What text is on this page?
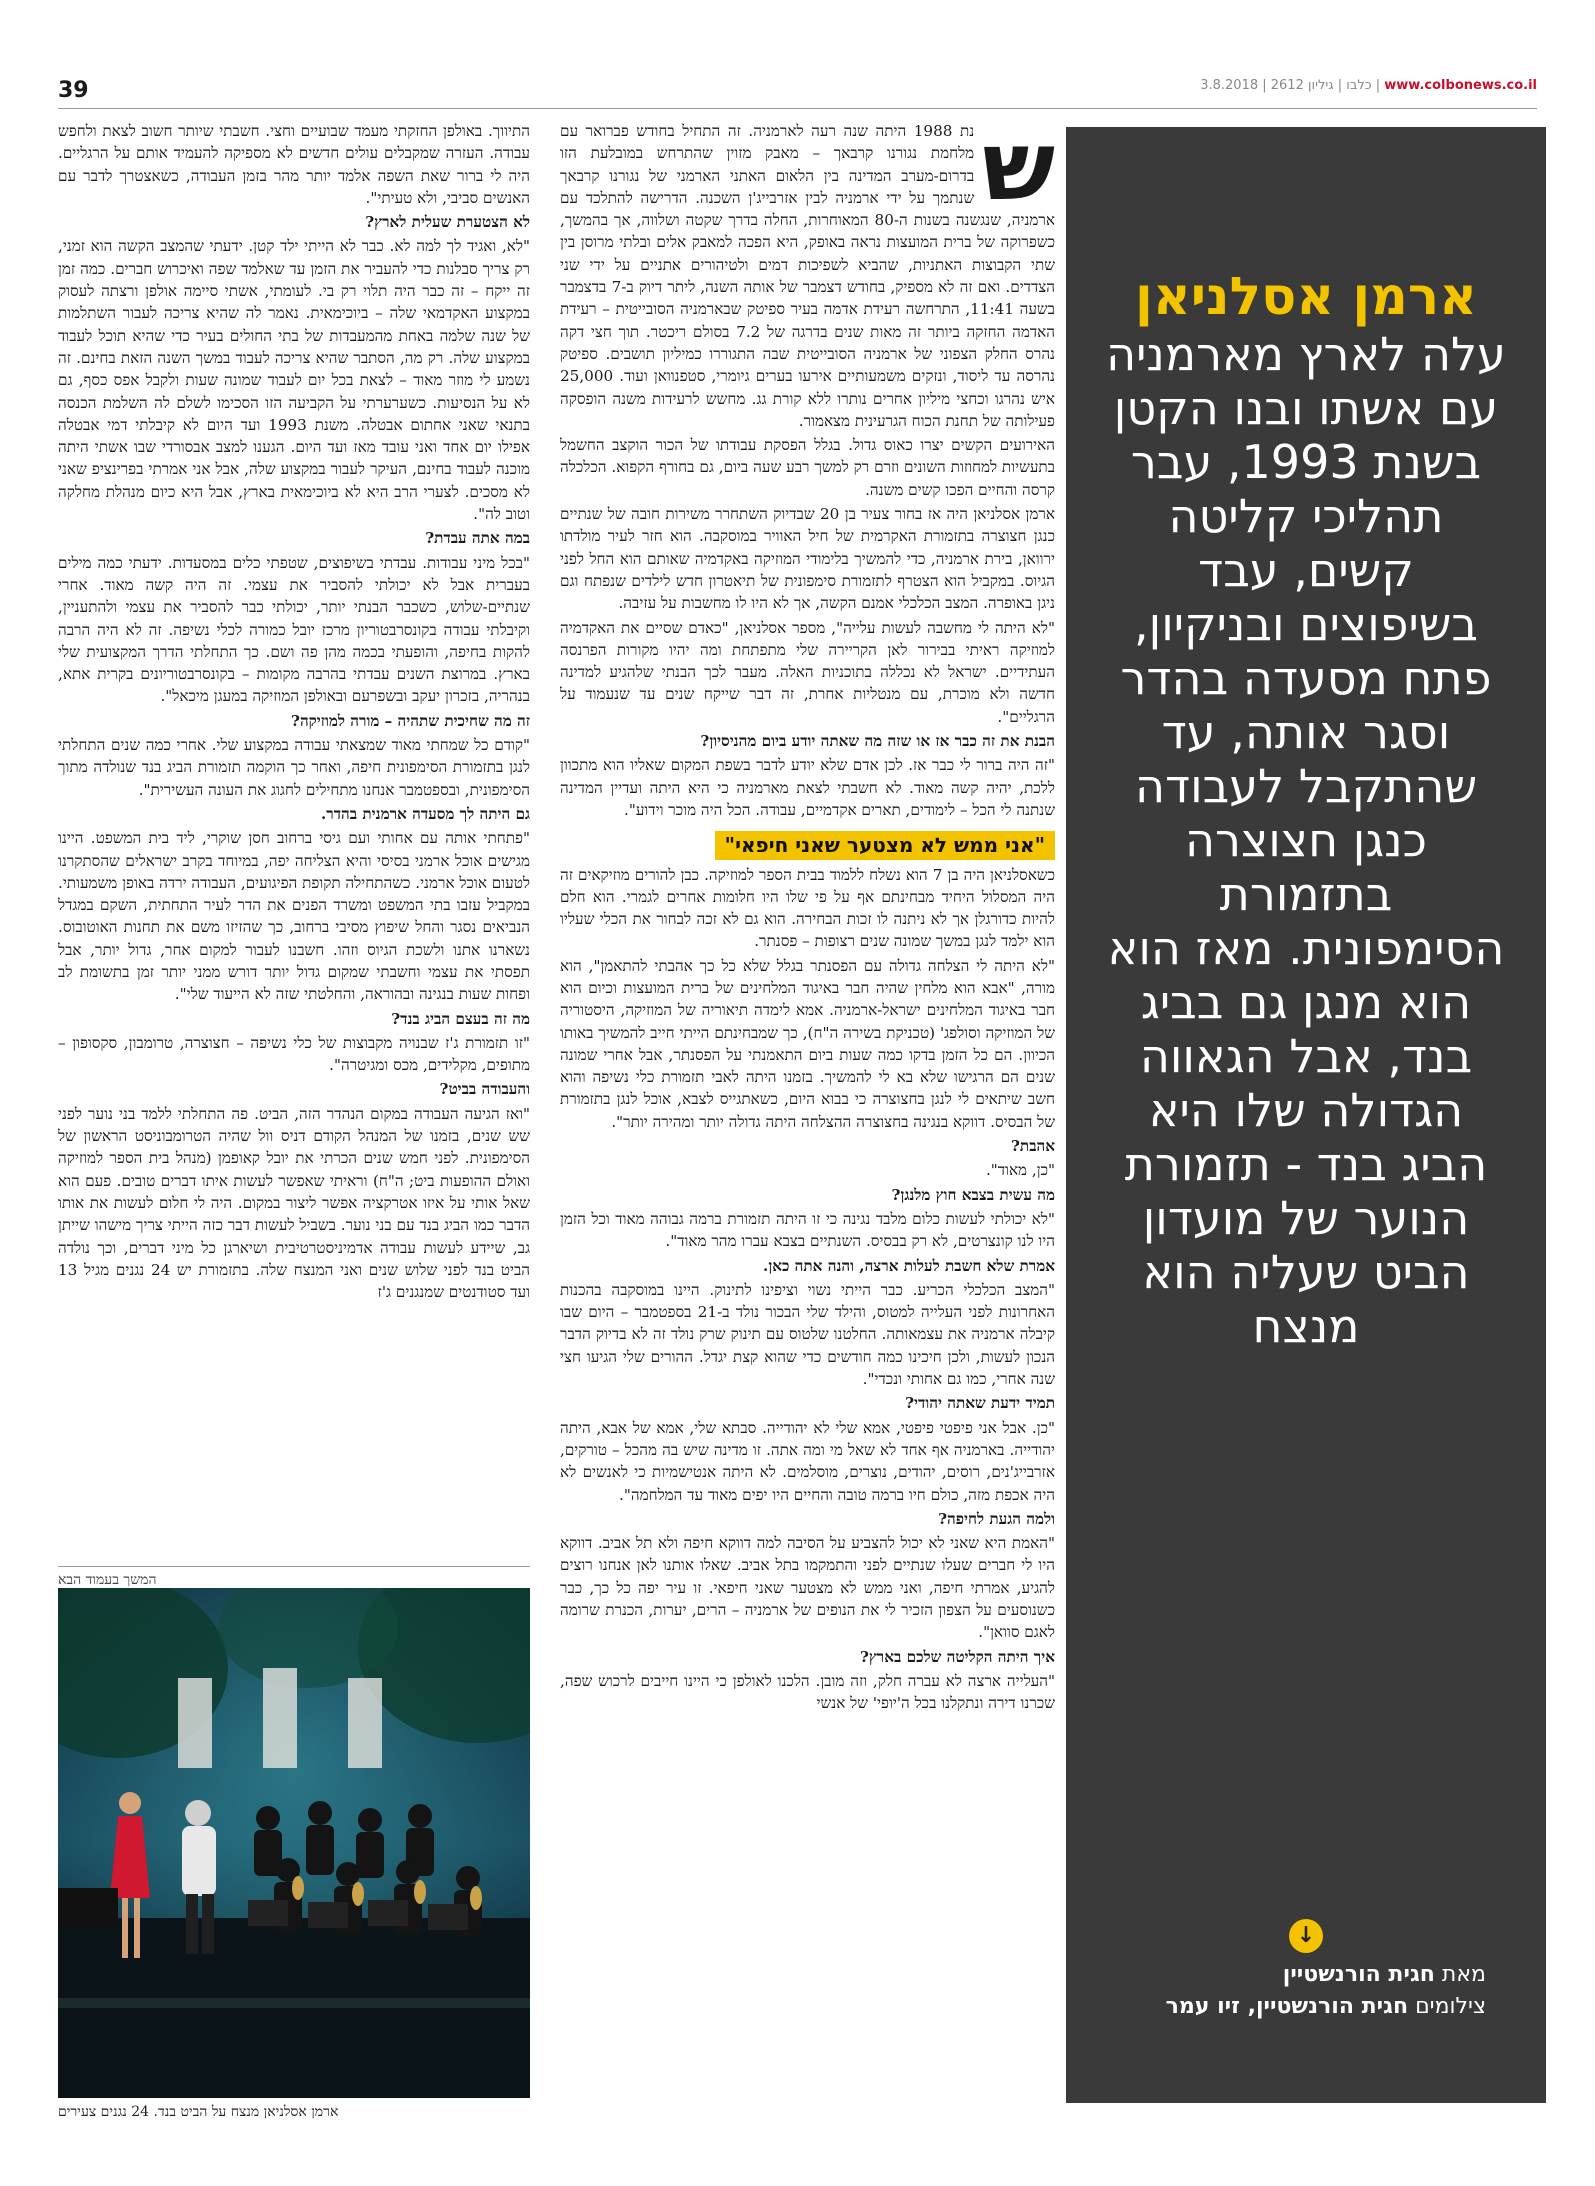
39	www.colbonews.co.il | כלבו | גיליון 2612 | 3.8.2018
ארמן אסלניאן
עלה לארץ מארמניה עם אשתו ובנו הקטן בשנת 1993, עבר תהליכי קליטה קשים, עבד בשיפוצים ובניקיון, פתח מסעדה בהדר וסגר אותה, עד שהתקבל לעבודה כנגן חצוצרה בתזמורת הסימפונית. מאז הוא הוא מנגן גם בביג בנד, אבל הגאווה הגדולה שלו היא הביג בנד - תזמורת הנוער של מועדון הביט שעליה הוא מנצח
↓
מאת חגית הורנשטיין
צילומים חגית הורנשטיין, זיו עמר
ש

נת 1988 היתה שנה רעה לארמניה. זה התחיל בחודש פברואר עם מלחמת נגורנו קרבאך – מאבק מזוין שהתרחש במובלעת הזו בדרום-מערב המדינה בין הלאום האתני הארמני של נגורנו קרבאך שנתמך על ידי ארמניה לבין אזרבייג'ן השכנה. הדרישה להתלכד עם ארמניה, שנגשנה בשנות ה-80 המאוחרות, החלה בדרך שקטה ושלווה, אך בהמשך, כשפרוקה של ברית המועצות נראה באופק, היא הפכה למאבק אלים ובלתי מרוסן בין שתי הקבוצות האתניות, שהביא לשפיכות דמים ולטיהורים אתניים על ידי שני הצדדים. ואם זה לא מספיק, בחודש דצמבר של אותה השנה, ליתר דיוק ב-7 בדצמבר בשעה 11:41, התרחשה רעידת אדמה בעיר ספיטק שבארמניה הסובייטית – רעידת האדמה החזקה ביותר זה מאות שנים בדרגה של 7.2 בסולם ריכטר. תוך חצי דקה נהרס החלק הצפוני של ארמניה הסובייטית שבה התגוררו כמיליון תושבים. ספיטק נהרסה עד ליסוד, ונזקים משמעותיים אירעו בערים גיומרי, סטפנוואן ועוד. 25,000 איש נהרגו וכחצי מיליון אחרים נותרו ללא קורת גג. מחשש לרעידות משנה הופסקה פעילותה של תחנת הכוח הגרעינית מצאמור.

האירועים הקשים יצרו כאוס גדול. בגלל הפסקת עבודתו של הכור הוקצב החשמל בתעשיות למחוזות השונים וזרם רק למשך רבע שעה ביום, גם בחורף הקפוא. הכלכלה קרסה והחיים הפכו קשים משנה.

ארמן אסלניאן היה אז בחור צעיר בן 20 שבדיוק השתחרר משירות חובה של שנתיים כנגן חצוצרה בתזמורת האקרמית של חיל האוויר במוסקבה. הוא חזר לעיר מולדתו ירוואן, בירת ארמניה, כדי להמשיך בלימודי המוזיקה באקדמיה שאותם הוא החל לפני הגיוס. במקביל הוא הצטרף לתזמורת סימפונית של תיאטרון חדש לילדים שנפתח וגם ניגן באופרה. המצב הכלכלי אמנם הקשה, אך לא היו לו מחשבות על עזיבה.

"לא היתה לי מחשבה לעשות עלייה", מספר אסלניאן, "כאדם שסיים את האקדמיה למוזיקה ראיתי בבירור לאן הקריירה שלי מתפתחת ומה יהיו מקורות הפרנסה העתידיים. ישראל לא נכללה בתוכניות האלה. מעבר לכך הבנתי שלהגיע למדינה חדשה ולא מוכרת, עם מנטליות אחרת, זה דבר שייקח שנים עד שנעמוד על הרגליים".

הבנת את זה כבר אז או שזה מה שאתה יודע ביום מהניסיון?

"זה היה ברור לי כבר אז. לכן אדם שלא יודע לדבר בשפת המקום שאליו הוא מתכוון ללכת, יהיה קשה מאוד. לא חשבתי לצאת מארמניה כי היא היתה ועדיין המדינה שנתנה לי הכל – לימודים, תארים אקדמיים, עבודה. הכל היה מוכר וידוע".

"אני ממש לא מצטער שאני חיפאי"

כשאסלניאן היה בן 7 הוא נשלח ללמוד בבית הספר למוזיקה. כבן להורים מוזיקאים זה היה המסלול היחיד מבחינתם אף על פי שלו היו חלומות אחרים לגמרי. הוא חלם להיות כדורגלן אך לא ניתנה לו זכות הבחירה. הוא גם לא זכה לבחור את הכלי שעליו הוא ילמד לנגן במשך שמונה שנים רצופות – פסנתר.

"לא היתה לי הצלחה גדולה עם הפסנתר בגלל שלא כל כך אהבתי להתאמן", הוא מורה, "אבא הוא מלחין שהיה חבר באיגוד המלחינים של ברית המועצות וכיום הוא חבר באיגוד המלחינים ישראל-ארמניה. אמא לימדה תיאוריה של המוזיקה, היסטוריה של המוזיקה וסולפג' (טכניקת בשירה ה"ח), כך שמבחינתם הייתי חייב להמשיך באותו הכיוון. הם כל הזמן בדקו כמה שעות ביום התאמנתי על הפסנתר, אבל אחרי שמונה שנים הם הרגישו שלא בא לי להמשיך. בזמנו היתה לאבי תזמורת כלי נשיפה והוא חשב שיתאים לי לנגן בחצוצרה כי בבוא היום, כשאתגייס לצבא, אוכל לנגן בתזמורת של הבסיס. דווקא בנגינה בחצוצרה ההצלחה היתה גדולה יותר ומהירה יותר".

אהבת?

"כן, מאוד".

מה עשית בצבא חוץ מלנגן?

"לא יכולתי לעשות כלום מלבד נגינה כי זו היתה תזמורת ברמה גבוהה מאוד וכל הזמן היו לנו קונצרטים, לא רק בבסיס. השנתיים בצבא עברו מהר מאוד".

אמרת שלא חשבת לעלות ארצה, והנה אתה כאן.

"המצב הכלכלי הכריע. כבר הייתי נשוי וציפינו לתינוק. היינו במוסקבה בהכנות האחרונות לפני העלייה למטוס, והילד שלי הבכור נולד ב-21 בספטמבר – היום שבו קיבלה ארמניה את עצמאותה. החלטנו שלטוס עם תינוק שרק נולד זה לא בדיוק הדבר הנכון לעשות, ולכן חיכינו כמה חודשים כדי שהוא קצת יגדל. ההורים שלי הגיעו חצי שנה אחרי, כמו גם אחותי ונכדי".

תמיד ידעת שאתה יהודי?

"כן. אבל אני פיפטי פיפטי, אמא שלי לא יהודייה. סבתא שלי, אמא של אבא, היתה יהודייה. בארמניה אף אחד לא שאל מי ומה אתה. זו מדינה שיש בה מהכל – טורקים, אזרבייג'נים, רוסים, יהודים, נוצרים, מוסלמים. לא היתה אנטישמיות כי לאנשים לא היה אכפת מזה, כולם חיו ברמה טובה והחיים היו יפים מאוד עד המלחמה".

ולמה הגעת לחיפה?

"האמת היא שאני לא יכול להצביע על הסיבה למה דווקא חיפה ולא תל אביב. דווקא היו לי חברים שעלו שנתיים לפני והתמקמו בתל אביב. שאלו אותנו לאן אנחנו רוצים להגיע, אמרתי חיפה, ואני ממש לא מצטער שאני חיפאי. זו עיר יפה כל כך, כבר כשנוסעים על הצפון הזכיר לי את הנופים של ארמניה – הרים, יערות, הכנרת שרומה לאגם סוואן".

איך היתה הקליטה שלכם בארץ?

"העלייה ארצה לא עברה חלק, וזה מובן. הלכנו לאולפן כי היינו חייבים לרכוש שפה, שכרנו דירה ונתקלנו בכל ה'יופי' של אנשי

התיווך. באולפן החזקתי מעמד שבועיים וחצי. חשבתי שיותר חשוב לצאת ולחפש עבודה. העזרה שמקבלים עולים חדשים לא מספיקה להעמיד אותם על הרגליים. היה לי ברור שאת השפה אלמד יותר מהר בזמן העבודה, כשאצטרך לדבר עם האנשים סביבי, ולא טעיתי".

לא הצטערת שעלית לארץ?

"לא, ואגיד לך למה לא. כבר לא הייתי ילד קטן. ידעתי שהמצב הקשה הוא זמני, רק צריך סבלנות כדי להעביר את הזמן עד שאלמד שפה ואיכרוש חברים. כמה זמן זה ייקח – זה כבר היה תלוי רק בי. לעומתי, אשתי סיימה אולפן ורצתה לעסוק במקצוע האקדמאי שלה – ביוכימאית. נאמר לה שהיא צריכה לעבור השתלמות של שנה שלמה באחת מהמעבדות של בתי החולים בעיר כדי שהיא תוכל לעבוד במקצוע שלה. רק מה, הסתבר שהיא צריכה לעבוד במשך השנה הזאת בחינם. זה נשמע לי מוזר מאוד – לצאת בכל יום לעבוד שמונה שעות ולקבל אפס כסף, גם לא על הנסיעות. כשערערתי על הקביעה הזו הסכימו לשלם לה השלמת הכנסה בתנאי שאני אחתום אבטלה. משנת 1993 ועד היום לא קיבלתי דמי אבטלה אפילו יום אחד ואני עובד מאז ועד היום. הגענו למצב אבסורדי שבו אשתי היתה מוכנה לעבוד בחינם, העיקר לעבור במקצוע שלה, אבל אני אמרתי בפרינציפ שאני לא מסכים. לצערי הרב היא לא ביוכימאית בארץ, אבל היא כיום מנהלת מחלקה וטוב לה".

במה אתה עבדת?

"בכל מיני עבודות. עבדתי בשיפוצים, שטפתי כלים במסעדות. ידעתי כמה מילים בעברית אבל לא יכולתי להסביר את עצמי. זה היה קשה מאוד. אחרי שנתיים-שלוש, כשכבר הבנתי יותר, יכולתי כבר להסביר את עצמי ולהתעניין, וקיבלתי עבודה בקונסרבטוריון מרכז יובל כמורה לכלי נשיפה. זה לא היה הרבה להקות בחיפה, והופעתי בכמה מהן פה ושם. כך התחלתי הדרך המקצועית שלי בארץ. במרוצת השנים עבדתי בהרבה מקומות – בקונסרבטוריונים בקרית אתא, בנהריה, בזכרון יעקב ובשפרעם ובאולפן המוזיקה במעגן מיכאל".

זה מה שחיכית שתהיה – מורה למוזיקה?

"קודם כל שמחתי מאוד שמצאתי עבודה במקצוע שלי. אחרי כמה שנים התחלתי לנגן בתזמורת הסימפונית חיפה, ואחר כך הוקמה תזמורת הביג בנד שנולדה מתוך הסימפונית, ובספטמבר אנחנו מתחילים לחגוג את העונה העשירית".

גם היתה לך מסעדה ארמנית בהדר.

"פתחתי אותה עם אחותי ועם גיסי ברחוב חסן שוקרי, ליד בית המשפט. היינו מגישים אוכל ארמני בסיסי והיא הצליחה יפה, במיוחד בקרב ישראלים שהסתקרנו לטעום אוכל ארמני. כשהתחילה תקופת הפיגועים, העבודה ירדה באופן משמעותי. במקביל עזבו בתי המשפט ומשרד הפנים את הדר לעיר התחתית, השקם במגדל הנביאים נסגר והחל שיפוץ מסיבי ברחוב, כך שהזיזו משם את תחנות האוטובוס. נשארנו אתנו ולשכת הגיוס וזהו. חשבנו לעבור למקום אחר, גדול יותר, אבל תפסתי את עצמי וחשבתי שמקום גדול יותר דורש ממני יותר זמן בתשומת לב ופחות שעות בנגינה ובהוראה, והחלטתי שזה לא הייעוד שלי".

מה זה בעצם הביג בנד?

"זו תזמורת ג'ז שבנויה מקבוצות של כלי נשיפה – חצוצרה, טרומבון, סקסופון – מתופים, מקלידים, מכס ומגיטרה".

והעבודה בביט?

"ואז הגיעה העבודה במקום הנהדר הזה, הביט. פה התחלתי ללמד בני נוער לפני שש שנים, בזמנו של המנהל הקודם דניס וול שהיה הטרומבוניסט הראשון של הסימפונית. לפני חמש שנים הכרתי את יובל קאופמן (מנהל בית הספר למוזיקה ואולם ההופעות ביט; ה"ח) וראיתי שאפשר לעשות איתו דברים טובים. פעם הוא שאל אותי על איזו אטרקציה אפשר ליצור במקום. היה לי חלום לעשות את אותו הדבר כמו הביג בנד עם בני נוער. בשביל לעשות דבר כזה הייתי צריך מישהו שייתן גב, שיידע לעשות עבודה אדמיניסטרטיבית ושיארגן כל מיני דברים, וכך נולדה הביט בנד לפני שלוש שנים ואני המנצח שלה. בתזמורת יש 24 נגנים מגיל 13 ועד סטודנטים שמנגנים ג'ז

המשך בעמוד הבא
ארמן אסלניאן מנצח על הביט בנד. 24 נגנים צעירים
